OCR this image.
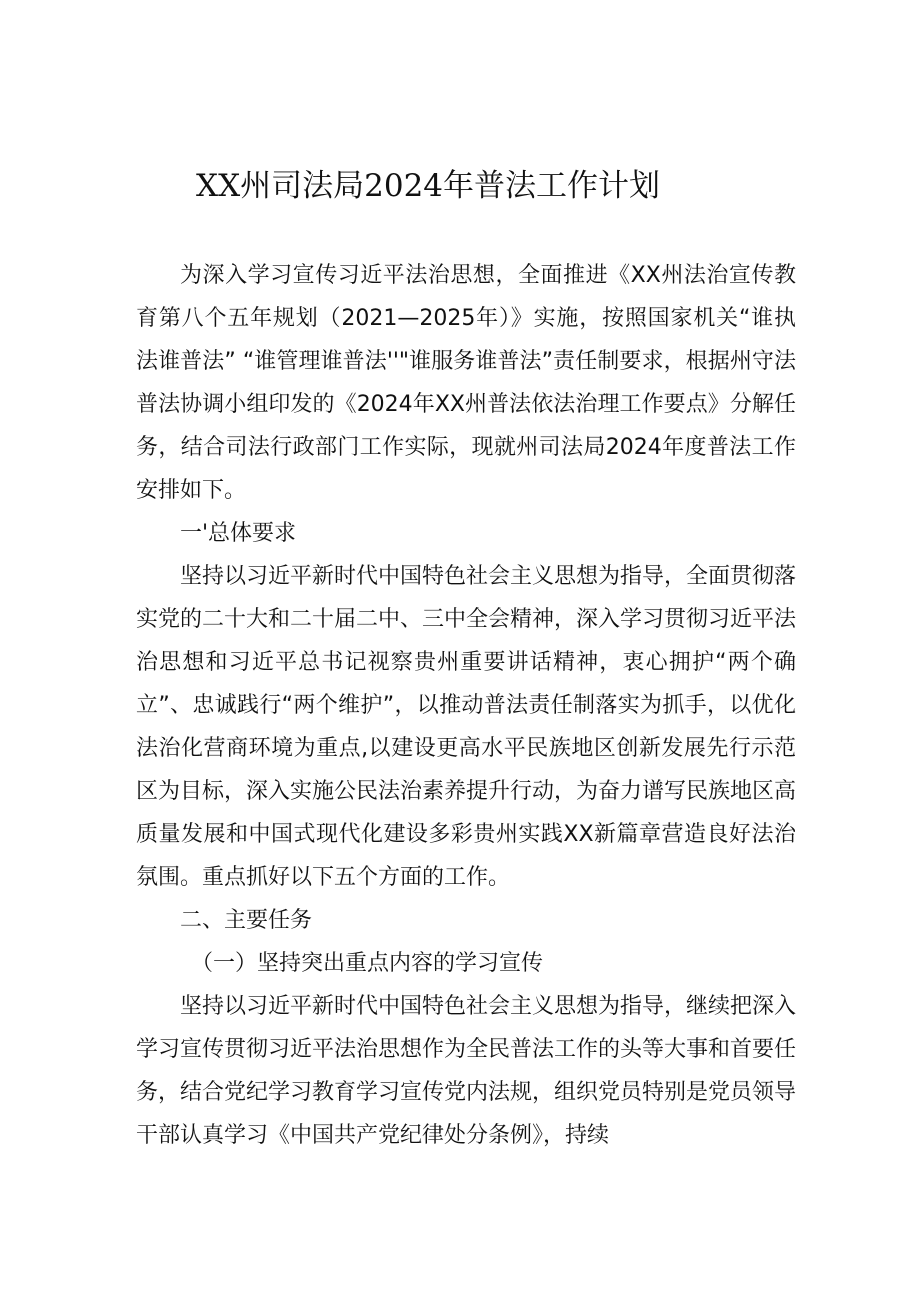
XX州司法局2024年普法工作计划

为深入学习宣传习近平法治思想，全面推进《XX州法治宣传教育第八个五年规划（2021—2025年）》实施，按照国家机关“谁执法谁普法” “谁管理谁普法''"谁服务谁普法”责任制要求，根据州守法普法协调小组印发的《2024年XX州普法依法治理工作要点》分解任务，结合司法行政部门工作实际，现就州司法局2024年度普法工作安排如下。

一'总体要求

坚持以习近平新时代中国特色社会主义思想为指导，全面贯彻落实党的二十大和二十届二中、三中全会精神，深入学习贯彻习近平法治思想和习近平总书记视察贵州重要讲话精神，衷心拥护“两个确立”、忠诚践行“两个维护”，以推动普法责任制落实为抓手，以优化法治化营商环境为重点,以建设更高水平民族地区创新发展先行示范区为目标，深入实施公民法治素养提升行动，为奋力谱写民族地区高质量发展和中国式现代化建设多彩贵州实践XX新篇章营造良好法治氛围。重点抓好以下五个方面的工作。

二、主要任务

（一）坚持突出重点内容的学习宣传

坚持以习近平新时代中国特色社会主义思想为指导，继续把深入学习宣传贯彻习近平法治思想作为全民普法工作的头等大事和首要任务，结合党纪学习教育学习宣传党内法规，组织党员特别是党员领导干部认真学习《中国共产党纪律处分条例》，持续
